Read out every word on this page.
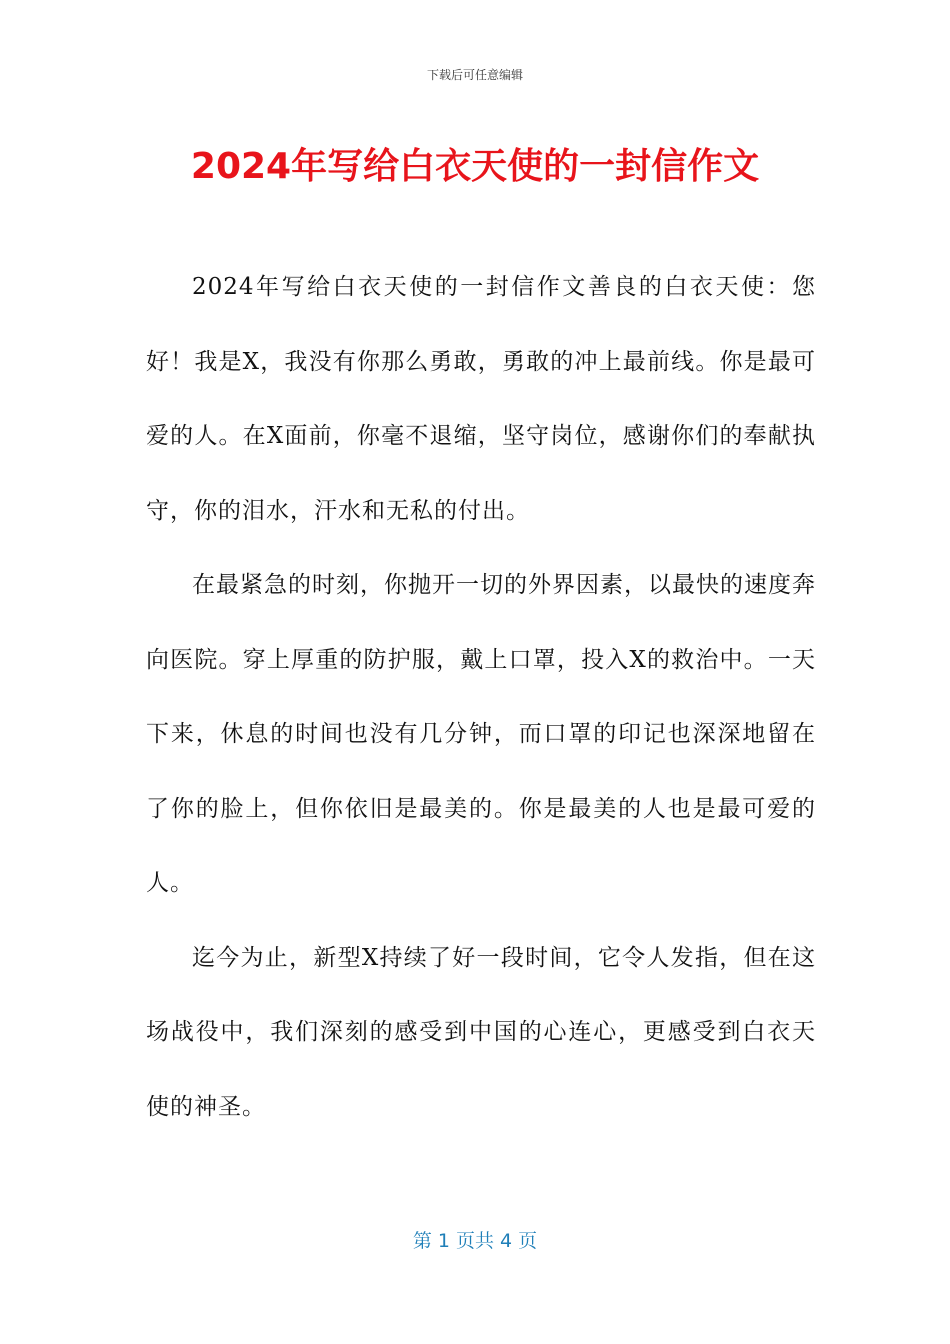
下载后可任意编辑
2024年写给白衣天使的一封信作文

2024年写给白衣天使的一封信作文善良的白衣天使：您好！我是X，我没有你那么勇敢，勇敢的冲上最前线。你是最可爱的人。在X面前，你毫不退缩，坚守岗位，感谢你们的奉献执守，你的泪水，汗水和无私的付出。

在最紧急的时刻，你抛开一切的外界因素，以最快的速度奔向医院。穿上厚重的防护服，戴上口罩，投入X的救治中。一天下来，休息的时间也没有几分钟，而口罩的印记也深深地留在了你的脸上，但你依旧是最美的。你是最美的人也是最可爱的人。

迄今为止，新型X持续了好一段时间，它令人发指，但在这场战役中，我们深刻的感受到中国的心连心，更感受到白衣天使的神圣。

第 1 页共 4 页
